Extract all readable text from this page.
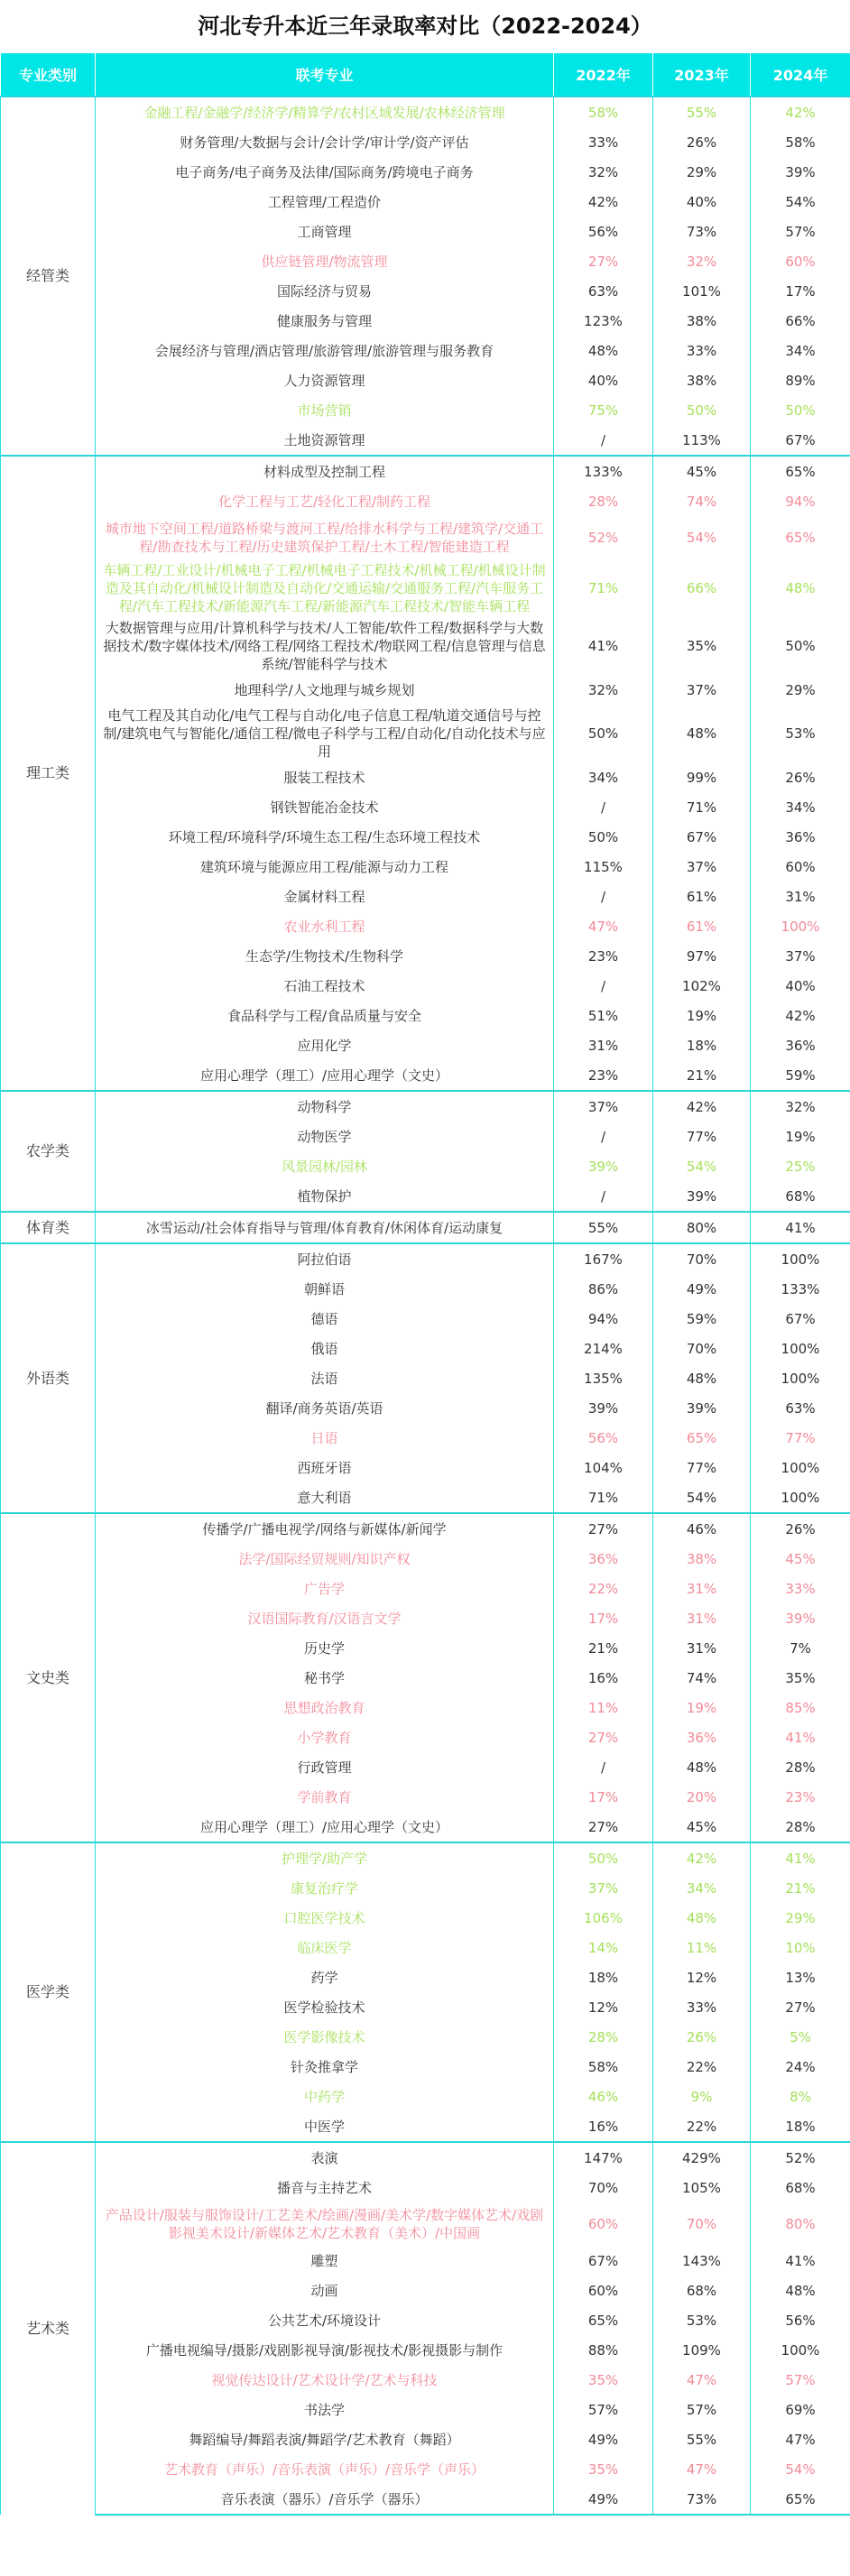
河北专升本近三年录取率对比（2022-2024）
专业类别	联考专业	2022年	2023年	2024年
经管类	金融工程/金融学/经济学/精算学/农村区域发展/农林经济管理	58%	55%	42%
	财务管理/大数据与会计/会计学/审计学/资产评估	33%	26%	58%
	电子商务/电子商务及法律/国际商务/跨境电子商务	32%	29%	39%
	工程管理/工程造价	42%	40%	54%
	工商管理	56%	73%	57%
	供应链管理/物流管理	27%	32%	60%
	国际经济与贸易	63%	101%	17%
	健康服务与管理	123%	38%	66%
	会展经济与管理/酒店管理/旅游管理/旅游管理与服务教育	48%	33%	34%
	人力资源管理	40%	38%	89%
	市场营销	75%	50%	50%
	土地资源管理	/	113%	67%
理工类	材料成型及控制工程	133%	45%	65%
	化学工程与工艺/轻化工程/制药工程	28%	74%	94%
	城市地下空间工程/道路桥梁与渡河工程/给排水科学与工程/建筑学/交通工程/勘查技术与工程/历史建筑保护工程/土木工程/智能建造工程	52%	54%	65%
	车辆工程/工业设计/机械电子工程/机械电子工程技术/机械工程/机械设计制造及其自动化/机械设计制造及自动化/交通运输/交通服务工程/汽车服务工程/汽车工程技术/新能源汽车工程/新能源汽车工程技术/智能车辆工程	71%	66%	48%
	大数据管理与应用/计算机科学与技术/人工智能/软件工程/数据科学与大数据技术/数字媒体技术/网络工程/网络工程技术/物联网工程/信息管理与信息系统/智能科学与技术	41%	35%	50%
	地理科学/人文地理与城乡规划	32%	37%	29%
	电气工程及其自动化/电气工程与自动化/电子信息工程/轨道交通信号与控制/建筑电气与智能化/通信工程/微电子科学与工程/自动化/自动化技术与应用	50%	48%	53%
	服装工程技术	34%	99%	26%
	钢铁智能冶金技术	/	71%	34%
	环境工程/环境科学/环境生态工程/生态环境工程技术	50%	67%	36%
	建筑环境与能源应用工程/能源与动力工程	115%	37%	60%
	金属材料工程	/	61%	31%
	农业水利工程	47%	61%	100%
	生态学/生物技术/生物科学	23%	97%	37%
	石油工程技术	/	102%	40%
	食品科学与工程/食品质量与安全	51%	19%	42%
	应用化学	31%	18%	36%
	应用心理学（理工）/应用心理学（文史）	23%	21%	59%
农学类	动物科学	37%	42%	32%
	动物医学	/	77%	19%
	风景园林/园林	39%	54%	25%
	植物保护	/	39%	68%
体育类	冰雪运动/社会体育指导与管理/体育教育/休闲体育/运动康复	55%	80%	41%
外语类	阿拉伯语	167%	70%	100%
	朝鲜语	86%	49%	133%
	德语	94%	59%	67%
	俄语	214%	70%	100%
	法语	135%	48%	100%
	翻译/商务英语/英语	39%	39%	63%
	日语	56%	65%	77%
	西班牙语	104%	77%	100%
	意大利语	71%	54%	100%
文史类	传播学/广播电视学/网络与新媒体/新闻学	27%	46%	26%
	法学/国际经贸规则/知识产权	36%	38%	45%
	广告学	22%	31%	33%
	汉语国际教育/汉语言文学	17%	31%	39%
	历史学	21%	31%	7%
	秘书学	16%	74%	35%
	思想政治教育	11%	19%	85%
	小学教育	27%	36%	41%
	行政管理	/	48%	28%
	学前教育	17%	20%	23%
	应用心理学（理工）/应用心理学（文史）	27%	45%	28%
医学类	护理学/助产学	50%	42%	41%
	康复治疗学	37%	34%	21%
	口腔医学技术	106%	48%	29%
	临床医学	14%	11%	10%
	药学	18%	12%	13%
	医学检验技术	12%	33%	27%
	医学影像技术	28%	26%	5%
	针灸推拿学	58%	22%	24%
	中药学	46%	9%	8%
	中医学	16%	22%	18%
艺术类	表演	147%	429%	52%
	播音与主持艺术	70%	105%	68%
	产品设计/服装与服饰设计/工艺美术/绘画/漫画/美术学/数字媒体艺术/戏剧影视美术设计/新媒体艺术/艺术教育（美术）/中国画	60%	70%	80%
	雕塑	67%	143%	41%
	动画	60%	68%	48%
	公共艺术/环境设计	65%	53%	56%
	广播电视编导/摄影/戏剧影视导演/影视技术/影视摄影与制作	88%	109%	100%
	视觉传达设计/艺术设计学/艺术与科技	35%	47%	57%
	书法学	57%	57%	69%
	舞蹈编导/舞蹈表演/舞蹈学/艺术教育（舞蹈）	49%	55%	47%
	艺术教育（声乐）/音乐表演（声乐）/音乐学（声乐）	35%	47%	54%
	音乐表演（器乐）/音乐学（器乐）	49%	73%	65%
